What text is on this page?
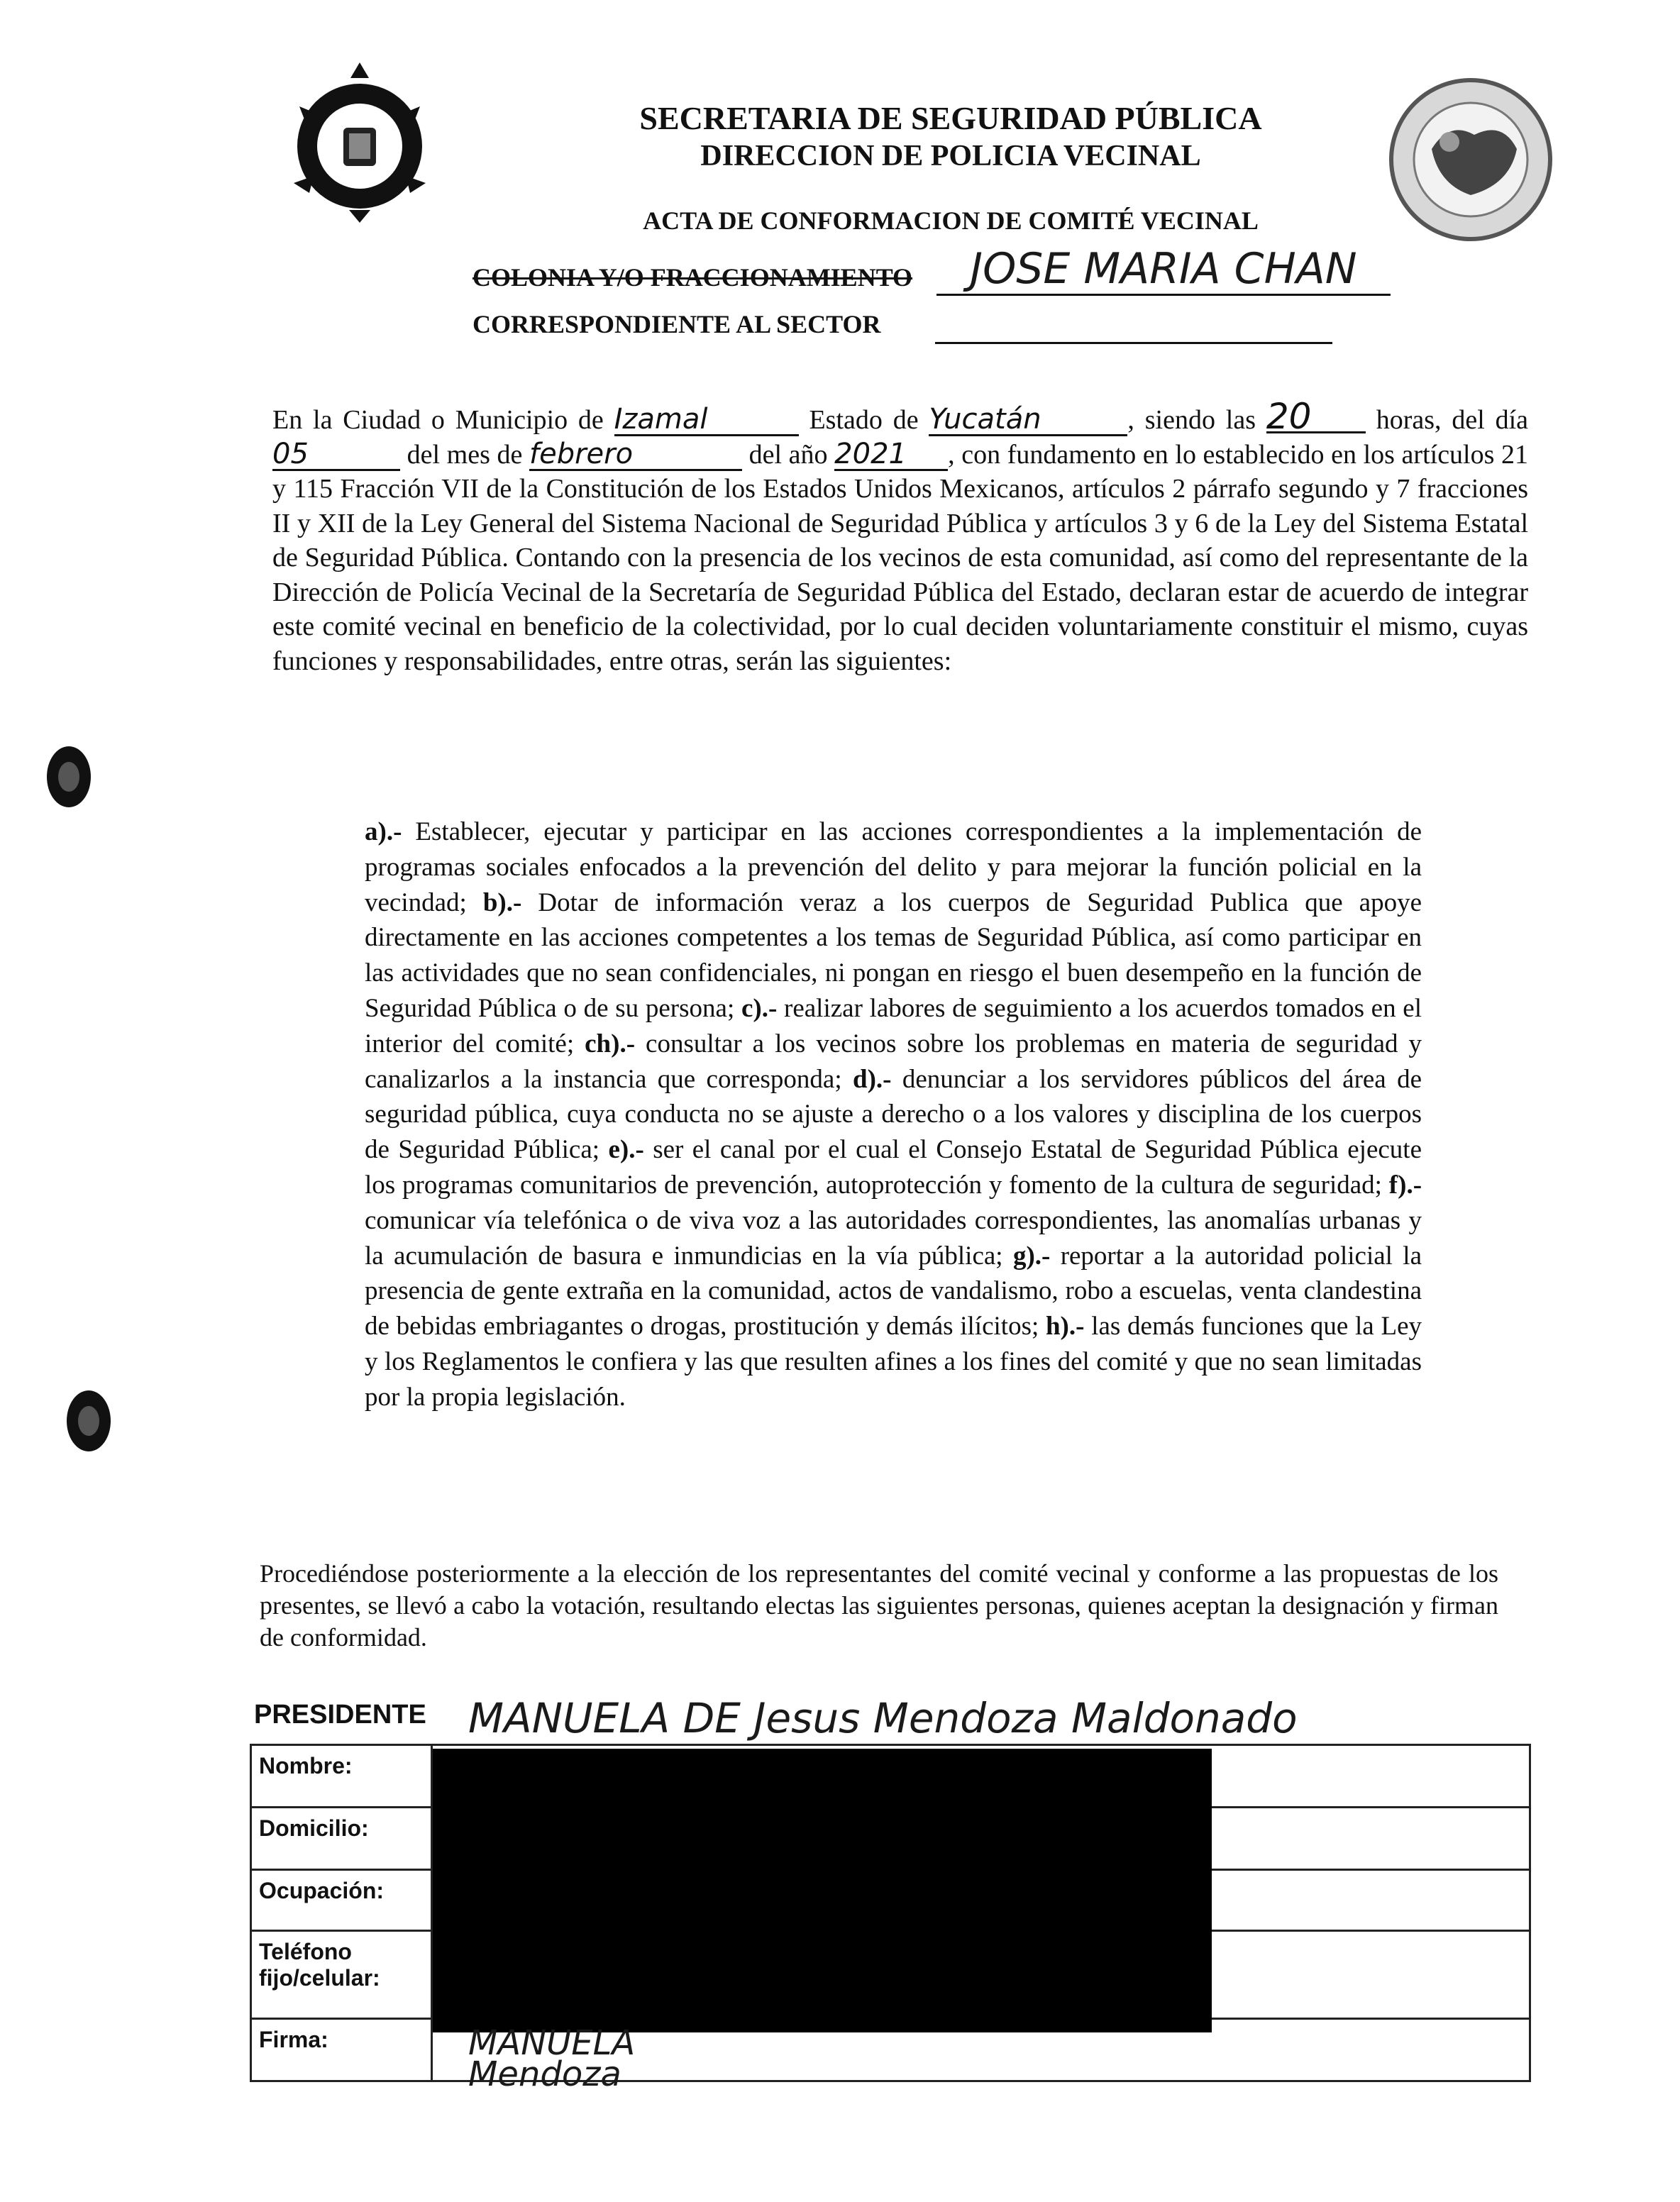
SECRETARIA DE SEGURIDAD PÚBLICA
DIRECCION DE POLICIA VECINAL
ACTA DE CONFORMACION DE COMITÉ VECINAL
COLONIA Y/O FRACCIONAMIENTO	JOSE MARIA CHAN
CORRESPONDIENTE AL SECTOR
En la Ciudad o Municipio de Izamal	Estado de Yucatán	, siendo las 20 horas, del día 05	del mes de febrero	del año 2021 , con fundamento en lo establecido en los artículos 21 y 115 Fracción VII de la Constitución de los Estados Unidos Mexicanos, artículos 2 párrafo segundo y 7 fracciones II y XII de la Ley General del Sistema Nacional de Seguridad Pública y artículos 3 y 6 de la Ley del Sistema Estatal de Seguridad Pública. Contando con la presencia de los vecinos de esta comunidad, así como del representante de la Dirección de Policía Vecinal de la Secretaría de Seguridad Pública del Estado, declaran estar de acuerdo de integrar este comité vecinal en beneficio de la colectividad, por lo cual deciden voluntariamente constituir el mismo, cuyas funciones y responsabilidades, entre otras, serán las siguientes:
a).- Establecer, ejecutar y participar en las acciones correspondientes a la implementación de programas sociales enfocados a la prevención del delito y para mejorar la función policial en la vecindad; b).- Dotar de información veraz a los cuerpos de Seguridad Publica que apoye directamente en las acciones competentes a los temas de Seguridad Pública, así como participar en las actividades que no sean confidenciales, ni pongan en riesgo el buen desempeño en la función de Seguridad Pública o de su persona; c).- realizar labores de seguimiento a los acuerdos tomados en el interior del comité; ch).- consultar a los vecinos sobre los problemas en materia de seguridad y canalizarlos a la instancia que corresponda; d).- denunciar a los servidores públicos del área de seguridad pública, cuya conducta no se ajuste a derecho o a los valores y disciplina de los cuerpos de Seguridad Pública; e).- ser el canal por el cual el Consejo Estatal de Seguridad Pública ejecute los programas comunitarios de prevención, autoprotección y fomento de la cultura de seguridad; f).- comunicar vía telefónica o de viva voz a las autoridades correspondientes, las anomalías urbanas y la acumulación de basura e inmundicias en la vía pública; g).- reportar a la autoridad policial la presencia de gente extraña en la comunidad, actos de vandalismo, robo a escuelas, venta clandestina de bebidas embriagantes o drogas, prostitución y demás ilícitos; h).- las demás funciones que la Ley y los Reglamentos le confiera y las que resulten afines a los fines del comité y que no sean limitadas por la propia legislación.
Procediéndose posteriormente a la elección de los representantes del comité vecinal y conforme a las propuestas de los presentes, se llevó a cabo la votación, resultando electas las siguientes personas, quienes aceptan la designación y firman de conformidad.
PRESIDENTE MANUELA DE Jesus Mendoza Maldonado
Nombre:	
Domicilio:	
Ocupación:	
Teléfono fijo/celular:	
Firma:		MANUELA Mendoza
